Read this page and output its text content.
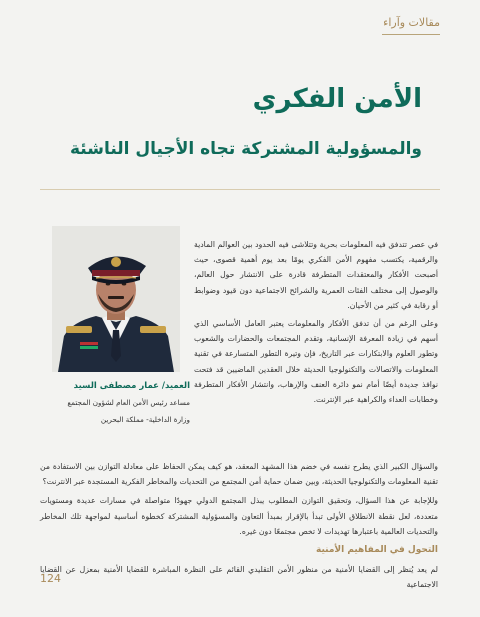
مقالات وآراء
الأمن الفكري
والمسؤولية المشتركة تجاه الأجيال الناشئة
العميد/ عمار مصطفى السيد
مساعد رئيس الأمن العام لشؤون المجتمع
وزارة الداخلية- مملكة البحرين

في عصر تتدفق فيه المعلومات بحرية وتتلاشى فيه الحدود بين العوالم المادية والرقمية، يكتسب مفهوم الأمن الفكري يومًا بعد يوم أهمية قصوى، حيث أصبحت الأفكار والمعتقدات المتطرفة قادرة على الانتشار حول العالم، والوصول إلى مختلف الفئات العمرية والشرائح الاجتماعية دون قيود وضوابط أو رقابة في كثير من الأحيان.

وعلى الرغم من أن تدفق الأفكار والمعلومات يعتبر العامل الأساسي الذي أسهم في زيادة المعرفة الإنسانية، وتقدم المجتمعات والحضارات والشعوب وتطور العلوم والابتكارات عبر التاريخ، فإن وتيرة التطور المتسارعة في تقنية المعلومات والاتصالات والتكنولوجيا الحديثة خلال العقدين الماضيين قد فتحت نوافذ جديدة أيضًا أمام نمو دائرة العنف والإرهاب، وانتشار الأفكار المتطرفة وخطابات العداء والكراهية عبر الإنترنت.

والسؤال الكبير الذي يطرح نفسه في خضم هذا المشهد المعقد، هو كيف يمكن الحفاظ على معادلة التوازن بين الاستفادة من تقنية المعلومات والتكنولوجيا الحديثة، وبين ضمان حماية أمن المجتمع من التحديات والمخاطر الفكرية المستجدة عبر الانترنت؟

وللإجابة عن هذا السؤال، وتحقيق التوازن المطلوب يبذل المجتمع الدولي جهودًا متواصلة في مسارات عديدة ومستويات متعددة، لعل نقطة الانطلاق الأولى تبدأ بالإقرار بمبدأ التعاون والمسؤولية المشتركة كخطوة أساسية لمواجهة تلك المخاطر والتحديات العالمية باعتبارها تهديدات لا تخص مجتمعًا دون غيره.

التحول في المفاهيم الأمنية

لم يعد يُنظر إلى القضايا الأمنية من منظور الأمن التقليدي القائم على النظرة المباشرة للقضايا الأمنية بمعزل عن القضايا الاجتماعية

124
